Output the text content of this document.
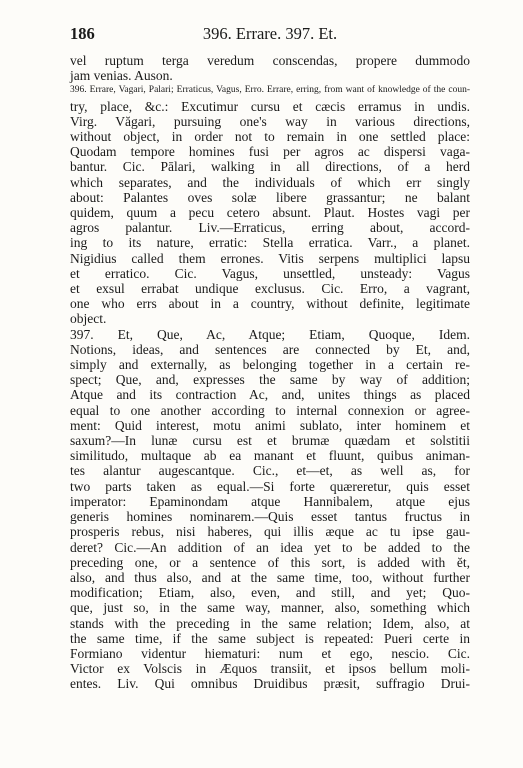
186	396. Errare. 397. Et.
vel ruptum terga veredum conscendas, propere dummodo
jam venias. Auson.
396. Errare, Vagari, Palari; Erraticus, Vagus, Erro. Errare, erring, from want of knowledge of the coun-
try, place, &c.: Excutimur cursu et cæcis erramus in undis.
Virg. Văgari, pursuing one's way in various directions,
without object, in order not to remain in one settled place:
Quodam tempore homines fusi per agros ac dispersi vaga-
bantur. Cic. Pālari, walking in all directions, of a herd
which separates, and the individuals of which err singly
about: Palantes oves solæ libere grassantur; ne balant
quidem, quum a pecu cetero absunt. Plaut. Hostes vagi per
agros palantur. Liv.—Erraticus, erring about, accord-
ing to its nature, erratic: Stella erratica. Varr., a planet.
Nigidius called them errones. Vitis serpens multiplici lapsu
et erratico. Cic. Vagus, unsettled, unsteady: Vagus
et exsul errabat undique exclusus. Cic. Erro, a vagrant,
one who errs about in a country, without definite, legitimate
object.
397. Et, Que, Ac, Atque; Etiam, Quoque, Idem.
Notions, ideas, and sentences are connected by Et, and,
simply and externally, as belonging together in a certain re-
spect; Que, and, expresses the same by way of addition;
Atque and its contraction Ac, and, unites things as placed
equal to one another according to internal connexion or agree-
ment: Quid interest, motu animi sublato, inter hominem et
saxum?—In lunæ cursu est et brumæ quædam et solstitii
similitudo, multaque ab ea manant et fluunt, quibus animan-
tes alantur augescantque. Cic., et—et, as well as, for
two parts taken as equal.—Si forte quæreretur, quis esset
imperator: Epaminondam atque Hannibalem, atque ejus
generis homines nominarem.—Quis esset tantus fructus in
prosperis rebus, nisi haberes, qui illis æque ac tu ipse gau-
deret? Cic.—An addition of an idea yet to be added to the
preceding one, or a sentence of this sort, is added with ĕt,
also, and thus also, and at the same time, too, without further
modification; Etiam, also, even, and still, and yet; Quo-
que, just so, in the same way, manner, also, something which
stands with the preceding in the same relation; Idem, also, at
the same time, if the same subject is repeated: Pueri certe in
Formiano videntur hiematuri: num et ego, nescio. Cic.
Victor ex Volscis in Æquos transiit, et ipsos bellum moli-
entes. Liv. Qui omnibus Druidibus præsit, suffragio Drui-
